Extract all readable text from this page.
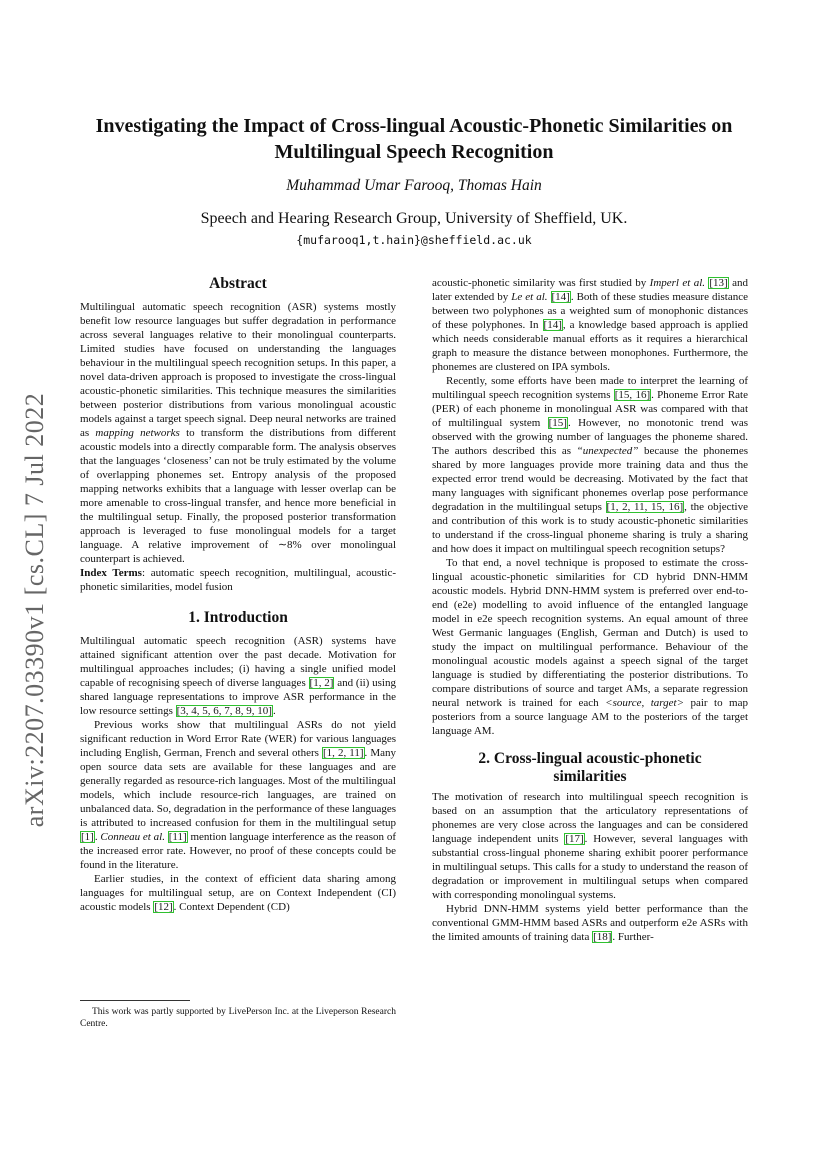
arXiv:2207.03390v1 [cs.CL] 7 Jul 2022
Investigating the Impact of Cross-lingual Acoustic-Phonetic Similarities on Multilingual Speech Recognition
Muhammad Umar Farooq, Thomas Hain
Speech and Hearing Research Group, University of Sheffield, UK.
{mufarooq1,t.hain}@sheffield.ac.uk
Abstract

Multilingual automatic speech recognition (ASR) systems mostly benefit low resource languages but suffer degradation in performance across several languages relative to their monolingual counterparts. Limited studies have focused on understanding the languages behaviour in the multilingual speech recognition setups. In this paper, a novel data-driven approach is proposed to investigate the cross-lingual acoustic-phonetic similarities. This technique measures the similarities between posterior distributions from various monolingual acoustic models against a target speech signal. Deep neural networks are trained as mapping networks to transform the distributions from different acoustic models into a directly comparable form. The analysis observes that the languages ‘closeness’ can not be truly estimated by the volume of overlapping phonemes set. Entropy analysis of the proposed mapping networks exhibits that a language with lesser overlap can be more amenable to cross-lingual transfer, and hence more beneficial in the multilingual setup. Finally, the proposed posterior transformation approach is leveraged to fuse monolingual models for a target language. A relative improvement of ∼8% over monolingual counterpart is achieved.

Index Terms: automatic speech recognition, multilingual, acoustic-phonetic similarities, model fusion

1. Introduction

Multilingual automatic speech recognition (ASR) systems have attained significant attention over the past decade. Motivation for multilingual approaches includes; (i) having a single unified model capable of recognising speech of diverse languages [1, 2] and (ii) using shared language representations to improve ASR performance in the low resource settings [3, 4, 5, 6, 7, 8, 9, 10].

Previous works show that multilingual ASRs do not yield significant reduction in Word Error Rate (WER) for various languages including English, German, French and several others [1, 2, 11]. Many open source data sets are available for these languages and are generally regarded as resource-rich languages. Most of the multilingual models, which include resource-rich languages, are trained on unbalanced data. So, degradation in the performance of these languages is attributed to increased confusion for them in the multilingual setup [1]. Conneau et al. [11] mention language interference as the reason of the increased error rate. However, no proof of these concepts could be found in the literature.

Earlier studies, in the context of efficient data sharing among languages for multilingual setup, are on Context Independent (CI) acoustic models [12]. Context Dependent (CD)

This work was partly supported by LivePerson Inc. at the Liveperson Research Centre.

acoustic-phonetic similarity was first studied by Imperl et al. [13] and later extended by Le et al. [14]. Both of these studies measure distance between two polyphones as a weighted sum of monophonic distances of these polyphones. In [14], a knowledge based approach is applied which needs considerable manual efforts as it requires a hierarchical graph to measure the distance between monophones. Furthermore, the phonemes are clustered on IPA symbols.

Recently, some efforts have been made to interpret the learning of multilingual speech recognition systems [15, 16]. Phoneme Error Rate (PER) of each phoneme in monolingual ASR was compared with that of multilingual system [15]. However, no monotonic trend was observed with the growing number of languages the phoneme shared. The authors described this as “unexpected” because the phonemes shared by more languages provide more training data and thus the expected error trend would be decreasing. Motivated by the fact that many languages with significant phonemes overlap pose performance degradation in the multilingual setups [1, 2, 11, 15, 16], the objective and contribution of this work is to study acoustic-phonetic similarities to understand if the cross-lingual phoneme sharing is truly a sharing and how does it impact on multilingual speech recognition setups?

To that end, a novel technique is proposed to estimate the cross-lingual acoustic-phonetic similarities for CD hybrid DNN-HMM acoustic models. Hybrid DNN-HMM system is preferred over end-to-end (e2e) modelling to avoid influence of the entangled language model in e2e speech recognition systems. An equal amount of three West Germanic languages (English, German and Dutch) is used to study the impact on multilingual performance. Behaviour of the monolingual acoustic models against a speech signal of the target language is studied by differentiating the posterior distributions. To compare distributions of source and target AMs, a separate regression neural network is trained for each <source, target> pair to map posteriors from a source language AM to the posteriors of the target language AM.

2. Cross-lingual acoustic-phonetic
similarities

The motivation of research into multilingual speech recognition is based on an assumption that the articulatory representations of phonemes are very close across the languages and can be considered language independent units [17]. However, several languages with substantial cross-lingual phoneme sharing exhibit poorer performance in multilingual setups. This calls for a study to understand the reason of degradation or improvement in multilingual setups when compared with corresponding monolingual systems.

Hybrid DNN-HMM systems yield better performance than the conventional GMM-HMM based ASRs and outperform e2e ASRs with the limited amounts of training data [18]. Further-
